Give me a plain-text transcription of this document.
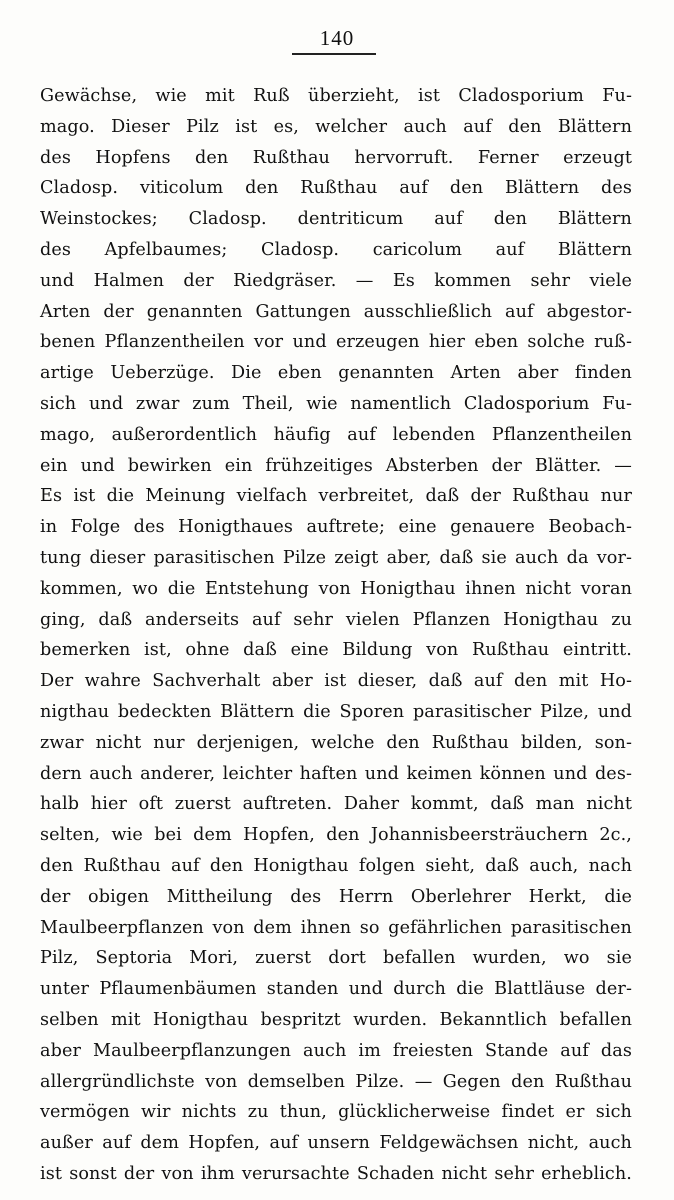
140
Gewächse, wie mit Ruß überzieht, ist Cladosporium Fu-
mago. Dieser Pilz ist es, welcher auch auf den Blättern
des Hopfens den Rußthau hervorruft. Ferner erzeugt
Cladosp. viticolum den Rußthau auf den Blättern des
Weinstockes; Cladosp. dentriticum auf den Blättern
des Apfelbaumes; Cladosp. caricolum auf Blättern
und Halmen der Riedgräser. — Es kommen sehr viele
Arten der genannten Gattungen ausschließlich auf abgestor-
benen Pflanzentheilen vor und erzeugen hier eben solche ruß-
artige Ueberzüge. Die eben genannten Arten aber finden
sich und zwar zum Theil, wie namentlich Cladosporium Fu-
mago, außerordentlich häufig auf lebenden Pflanzentheilen
ein und bewirken ein frühzeitiges Absterben der Blätter. —
Es ist die Meinung vielfach verbreitet, daß der Rußthau nur
in Folge des Honigthaues auftrete; eine genauere Beobach-
tung dieser parasitischen Pilze zeigt aber, daß sie auch da vor-
kommen, wo die Entstehung von Honigthau ihnen nicht voran
ging, daß anderseits auf sehr vielen Pflanzen Honigthau zu
bemerken ist, ohne daß eine Bildung von Rußthau eintritt.
Der wahre Sachverhalt aber ist dieser, daß auf den mit Ho-
nigthau bedeckten Blättern die Sporen parasitischer Pilze, und
zwar nicht nur derjenigen, welche den Rußthau bilden, son-
dern auch anderer, leichter haften und keimen können und des-
halb hier oft zuerst auftreten. Daher kommt, daß man nicht
selten, wie bei dem Hopfen, den Johannisbeersträuchern 2c.,
den Rußthau auf den Honigthau folgen sieht, daß auch, nach
der obigen Mittheilung des Herrn Oberlehrer Herkt, die
Maulbeerpflanzen von dem ihnen so gefährlichen parasitischen
Pilz, Septoria Mori, zuerst dort befallen wurden, wo sie
unter Pflaumenbäumen standen und durch die Blattläuse der-
selben mit Honigthau bespritzt wurden. Bekanntlich befallen
aber Maulbeerpflanzungen auch im freiesten Stande auf das
allergründlichste von demselben Pilze. — Gegen den Rußthau
vermögen wir nichts zu thun, glücklicherweise findet er sich
außer auf dem Hopfen, auf unsern Feldgewächsen nicht, auch
ist sonst der von ihm verursachte Schaden nicht sehr erheblich.
